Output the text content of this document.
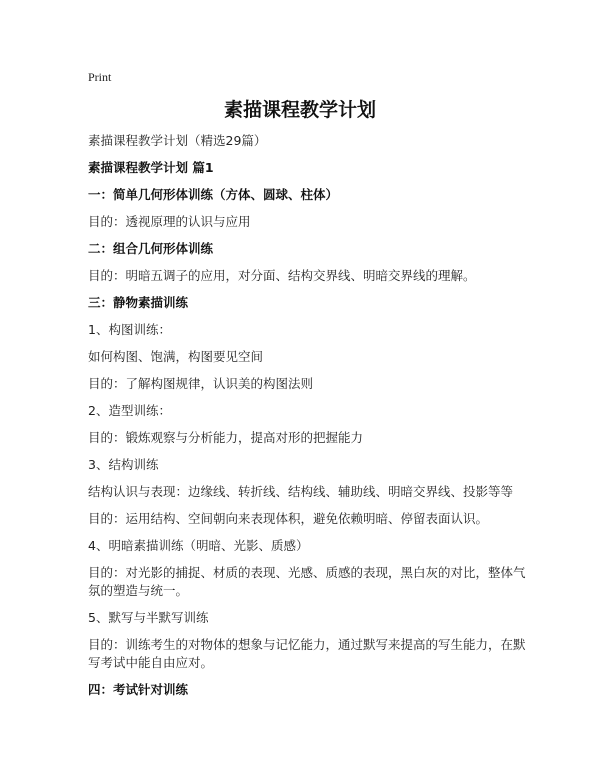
Print
素描课程教学计划
素描课程教学计划（精选29篇）
素描课程教学计划 篇1
一：简单几何形体训练（方体、圆球、柱体）
目的：透视原理的认识与应用
二：组合几何形体训练
目的：明暗五调子的应用，对分面、结构交界线、明暗交界线的理解。
三：静物素描训练
1、构图训练：
如何构图、饱满，构图要见空间
目的：了解构图规律，认识美的构图法则
2、造型训练：
目的：锻炼观察与分析能力，提高对形的把握能力
3、结构训练
结构认识与表现：边缘线、转折线、结构线、辅助线、明暗交界线、投影等等
目的：运用结构、空间朝向来表现体积，避免依赖明暗、停留表面认识。
4、明暗素描训练（明暗、光影、质感）
目的：对光影的捕捉、材质的表现、光感、质感的表现，黑白灰的对比，整体气氛的塑造与统一。
5、默写与半默写训练
目的：训练考生的对物体的想象与记忆能力，通过默写来提高的写生能力，在默写考试中能自由应对。
四：考试针对训练
